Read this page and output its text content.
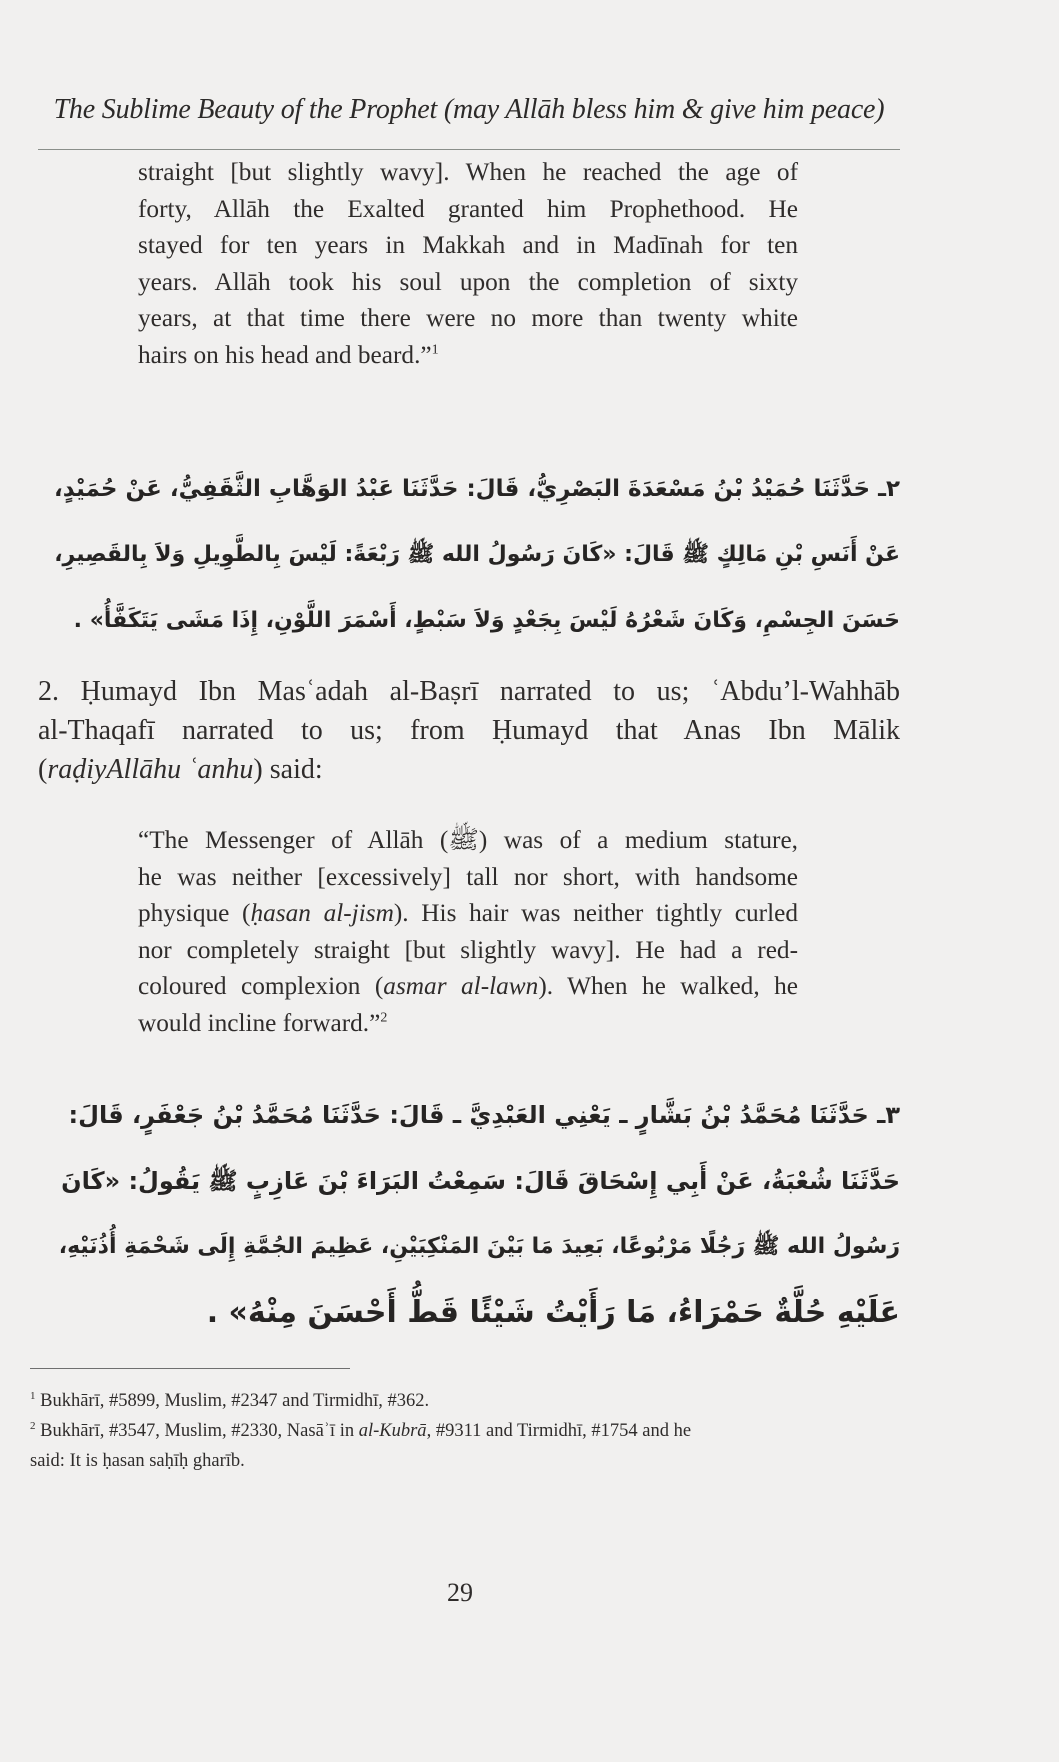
The Sublime Beauty of the Prophet (may Allāh bless him & give him peace)
straight [but slightly wavy]. When he reached the age of
forty, Allāh the Exalted granted him Prophethood. He
stayed for ten years in Makkah and in Madīnah for ten
years. Allāh took his soul upon the completion of sixty
years, at that time there were no more than twenty white
hairs on his head and beard.”$^1$
٢ـ حَدَّثَنَا حُمَيْدُ بْنُ مَسْعَدَةَ البَصْرِيُّ، قَالَ: حَدَّثَنَا عَبْدُ الوَهَّابِ الثَّقَفِيُّ، عَنْ حُمَيْدٍ،
عَنْ أَنَسِ بْنِ مَالِكٍ ﷺ قَالَ: «كَانَ رَسُولُ الله ﷺ رَبْعَةً: لَيْسَ بِالطَّوِيلِ وَلاَ بِالقَصِيرِ،
حَسَنَ الجِسْمِ، وَكَانَ شَعْرُهُ لَيْسَ بِجَعْدٍ وَلاَ سَبْطٍ، أَسْمَرَ اللَّوْنِ، إِذَا مَشَى يَتَكَفَّأُ» .
2. Ḥumayd Ibn Masʿadah al-Baṣrī narrated to us; ʿAbdu’l-Wahhāb
al-Thaqafī narrated to us; from Ḥumayd that Anas Ibn Mālik
(raḍiyAllāhu ʿanhu) said:
“The Messenger of Allāh (ﷺ) was of a medium stature,
he was neither [excessively] tall nor short, with handsome
physique (ḥasan al-jism). His hair was neither tightly curled
nor completely straight [but slightly wavy]. He had a red-
coloured complexion (asmar al-lawn). When he walked, he
would incline forward.”$^2$
٣ـ حَدَّثَنَا مُحَمَّدُ بْنُ بَشَّارٍ ـ يَعْنِي العَبْدِيَّ ـ قَالَ: حَدَّثَنَا مُحَمَّدُ بْنُ جَعْفَرٍ، قَالَ:
حَدَّثَنَا شُعْبَةُ، عَنْ أَبِي إِسْحَاقَ قَالَ: سَمِعْتُ البَرَاءَ بْنَ عَازِبٍ ﷺ يَقُولُ: «كَانَ
رَسُولُ الله ﷺ رَجُلًا مَرْبُوعًا، بَعِيدَ مَا بَيْنَ المَنْكِبَيْنِ، عَظِيمَ الجُمَّةِ إِلَى شَحْمَةِ أُذُنَيْهِ،
عَلَيْهِ حُلَّةٌ حَمْرَاءُ، مَا رَأَيْتُ شَيْئًا قَطُّ أَحْسَنَ مِنْهُ» .
$^1$ Bukhārī, #5899, Muslim, #2347 and Tirmidhī, #362.
$^2$ Bukhārī, #3547, Muslim, #2330, Nasāʾī in al-Kubrā, #9311 and Tirmidhī, #1754 and he
said: It is ḥasan saḥīḥ gharīb.
29
